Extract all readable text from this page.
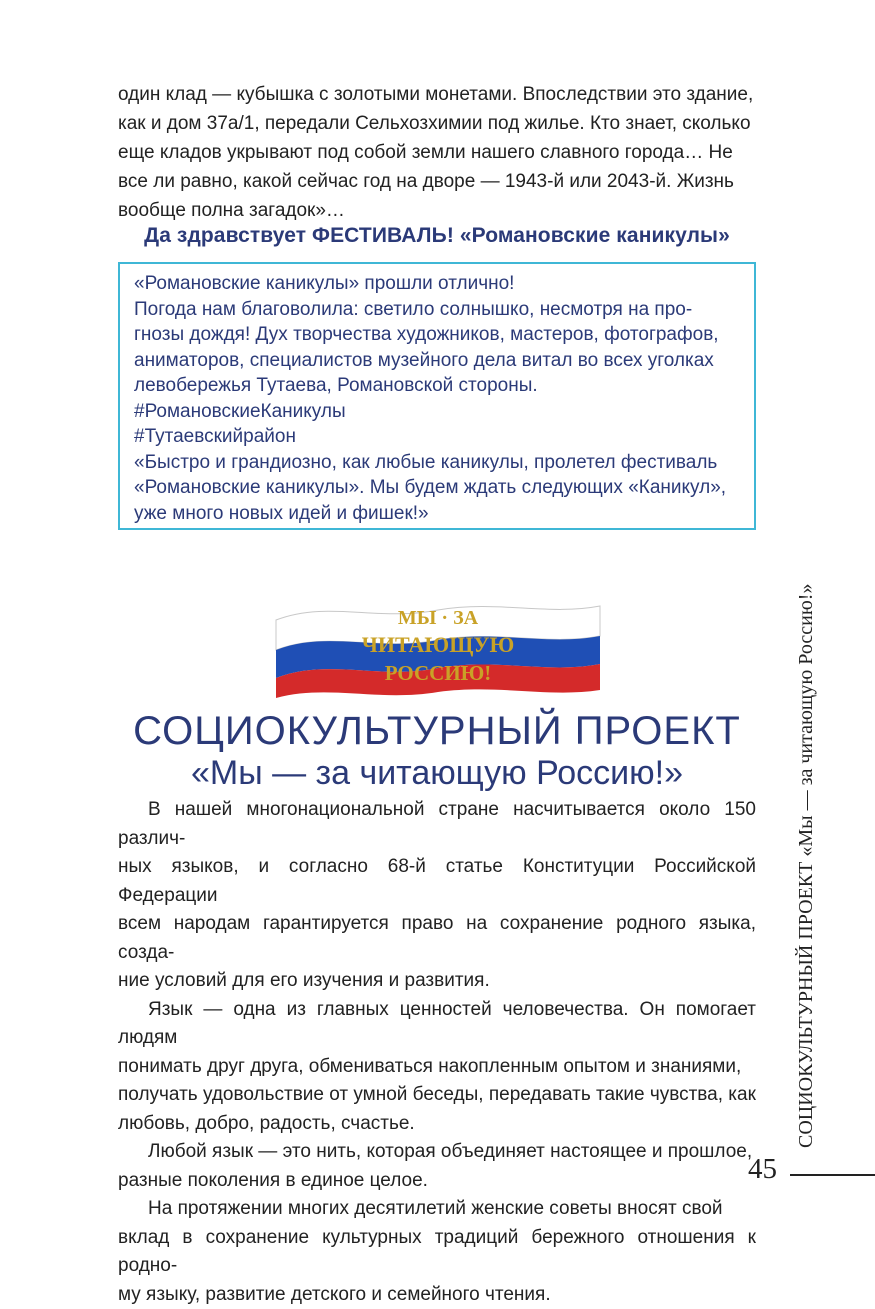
один клад — кубышка с золотыми монетами. Впоследствии это здание,

как и дом 37а/1, передали Сельхозхимии под жилье. Кто знает, сколько

еще кладов укрывают под собой земли нашего славного города… Не

все ли равно, какой сейчас год на дворе — 1943-й или 2043-й. Жизнь

вообще полна загадок»…

Да здравствует ФЕСТИВАЛЬ! «Романовские каникулы»

«Романовские каникулы» прошли отлично!

Погода нам благоволила: светило солнышко, несмотря на про-

гнозы дождя! Дух творчества художников, мастеров, фотографов,

аниматоров, специалистов музейного дела витал во всех уголках

левобережья Тутаева, Романовской стороны.

#РомановскиеКаникулы

#Тутаевскийрайон

«Быстро и грандиозно, как любые каникулы, пролетел фестиваль

«Романовские каникулы». Мы будем ждать следующих «Каникул»,

уже много новых идей и фишек!»

МЫ · ЗА
ЧИТАЮЩУЮ
РОССИЮ!
СОЦИОКУЛЬТУРНЫЙ ПРОЕКТ
«Мы — за читающую Россию!»

В нашей многонациональной стране насчитывается около 150 различ-

ных языков, и согласно 68-й статье Конституции Российской Федерации

всем народам гарантируется право на сохранение родного языка, созда-

ние условий для его изучения и развития.

Язык — одна из главных ценностей человечества. Он помогает людям

понимать друг друга, обмениваться накопленным опытом и знаниями,

получать удовольствие от умной беседы, передавать такие чувства, как

любовь, добро, радость, счастье.

Любой язык — это нить, которая объединяет настоящее и прошлое,

разные поколения в единое целое.

На протяжении многих десятилетий женские советы вносят свой

вклад в сохранение культурных традиций бережного отношения к родно-

му языку, развитие детского и семейного чтения.

СОЦИОКУЛЬТУРНЫЙ ПРОЕКТ «Мы — за читающую Россию!»
45
